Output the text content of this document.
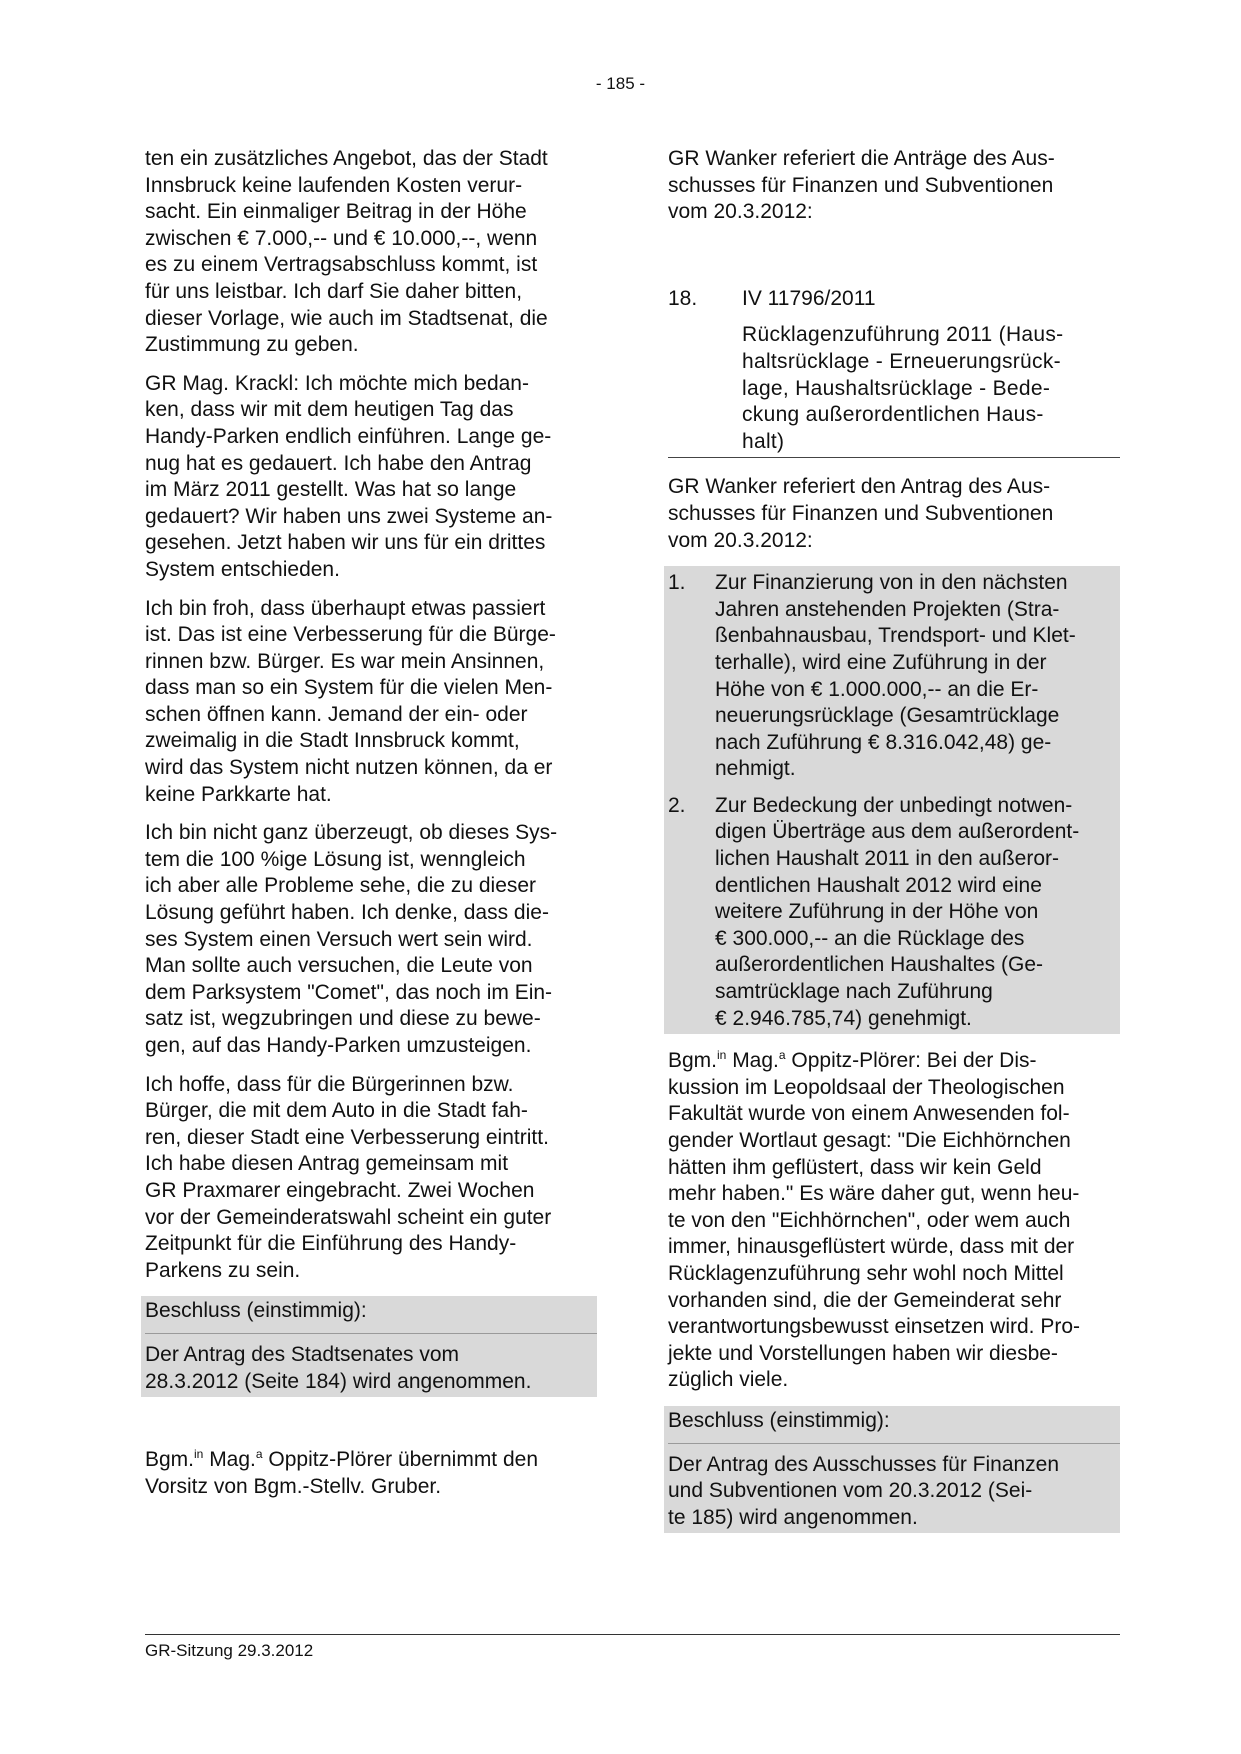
- 185 -

ten ein zusätzliches Angebot, das der Stadt
Innsbruck keine laufenden Kosten verur-
sacht. Ein einmaliger Beitrag in der Höhe
zwischen € 7.000,-- und € 10.000,--, wenn
es zu einem Vertragsabschluss kommt, ist
für uns leistbar. Ich darf Sie daher bitten,
dieser Vorlage, wie auch im Stadtsenat, die
Zustimmung zu geben.

GR Mag. Krackl: Ich möchte mich bedan-
ken, dass wir mit dem heutigen Tag das
Handy-Parken endlich einführen. Lange ge-
nug hat es gedauert. Ich habe den Antrag
im März 2011 gestellt. Was hat so lange
gedauert? Wir haben uns zwei Systeme an-
gesehen. Jetzt haben wir uns für ein drittes
System entschieden.

Ich bin froh, dass überhaupt etwas passiert
ist. Das ist eine Verbesserung für die Bürge-
rinnen bzw. Bürger. Es war mein Ansinnen,
dass man so ein System für die vielen Men-
schen öffnen kann. Jemand der ein- oder
zweimalig in die Stadt Innsbruck kommt,
wird das System nicht nutzen können, da er
keine Parkkarte hat.

Ich bin nicht ganz überzeugt, ob dieses Sys-
tem die 100 %ige Lösung ist, wenngleich
ich aber alle Probleme sehe, die zu dieser
Lösung geführt haben. Ich denke, dass die-
ses System einen Versuch wert sein wird.
Man sollte auch versuchen, die Leute von
dem Parksystem "Comet", das noch im Ein-
satz ist, wegzubringen und diese zu bewe-
gen, auf das Handy-Parken umzusteigen.

Ich hoffe, dass für die Bürgerinnen bzw.
Bürger, die mit dem Auto in die Stadt fah-
ren, dieser Stadt eine Verbesserung eintritt.
Ich habe diesen Antrag gemeinsam mit
GR Praxmarer eingebracht. Zwei Wochen
vor der Gemeinderatswahl scheint ein guter
Zeitpunkt für die Einführung des Handy-
Parkens zu sein.

Beschluss (einstimmig):
Der Antrag des Stadtsenates vom
28.3.2012 (Seite 184) wird angenommen.

Bgm.$^{in}$ Mag.$^a$ Oppitz-Plörer übernimmt den
Vorsitz von Bgm.-Stellv. Gruber.

GR Wanker referiert die Anträge des Aus-
schusses für Finanzen und Subventionen
vom 20.3.2012:

18. IV 11796/2011
Rücklagenzuführung 2011 (Haus-
haltsrücklage - Erneuerungsrück-
lage, Haushaltsrücklage - Bede-
ckung außerordentlichen Haus-
halt)

GR Wanker referiert den Antrag des Aus-
schusses für Finanzen und Subventionen
vom 20.3.2012:

1. Zur Finanzierung von in den nächsten
Jahren anstehenden Projekten (Stra-
ßenbahnausbau, Trendsport- und Klet-
terhalle), wird eine Zuführung in der
Höhe von € 1.000.000,-- an die Er-
neuerungsrücklage (Gesamtrücklage
nach Zuführung € 8.316.042,48) ge-
nehmigt.
2. Zur Bedeckung der unbedingt notwen-
digen Überträge aus dem außerordent-
lichen Haushalt 2011 in den außeror-
dentlichen Haushalt 2012 wird eine
weitere Zuführung in der Höhe von
€ 300.000,-- an die Rücklage des
außerordentlichen Haushaltes (Ge-
samtrücklage nach Zuführung
€ 2.946.785,74) genehmigt.

Bgm.$^{in}$ Mag.$^a$ Oppitz-Plörer: Bei der Dis-
kussion im Leopoldsaal der Theologischen
Fakultät wurde von einem Anwesenden fol-
gender Wortlaut gesagt: "Die Eichhörnchen
hätten ihm geflüstert, dass wir kein Geld
mehr haben." Es wäre daher gut, wenn heu-
te von den "Eichhörnchen", oder wem auch
immer, hinausgeflüstert würde, dass mit der
Rücklagenzuführung sehr wohl noch Mittel
vorhanden sind, die der Gemeinderat sehr
verantwortungsbewusst einsetzen wird. Pro-
jekte und Vorstellungen haben wir diesbe-
züglich viele.

Beschluss (einstimmig):
Der Antrag des Ausschusses für Finanzen
und Subventionen vom 20.3.2012 (Sei-
te 185) wird angenommen.
GR-Sitzung 29.3.2012
